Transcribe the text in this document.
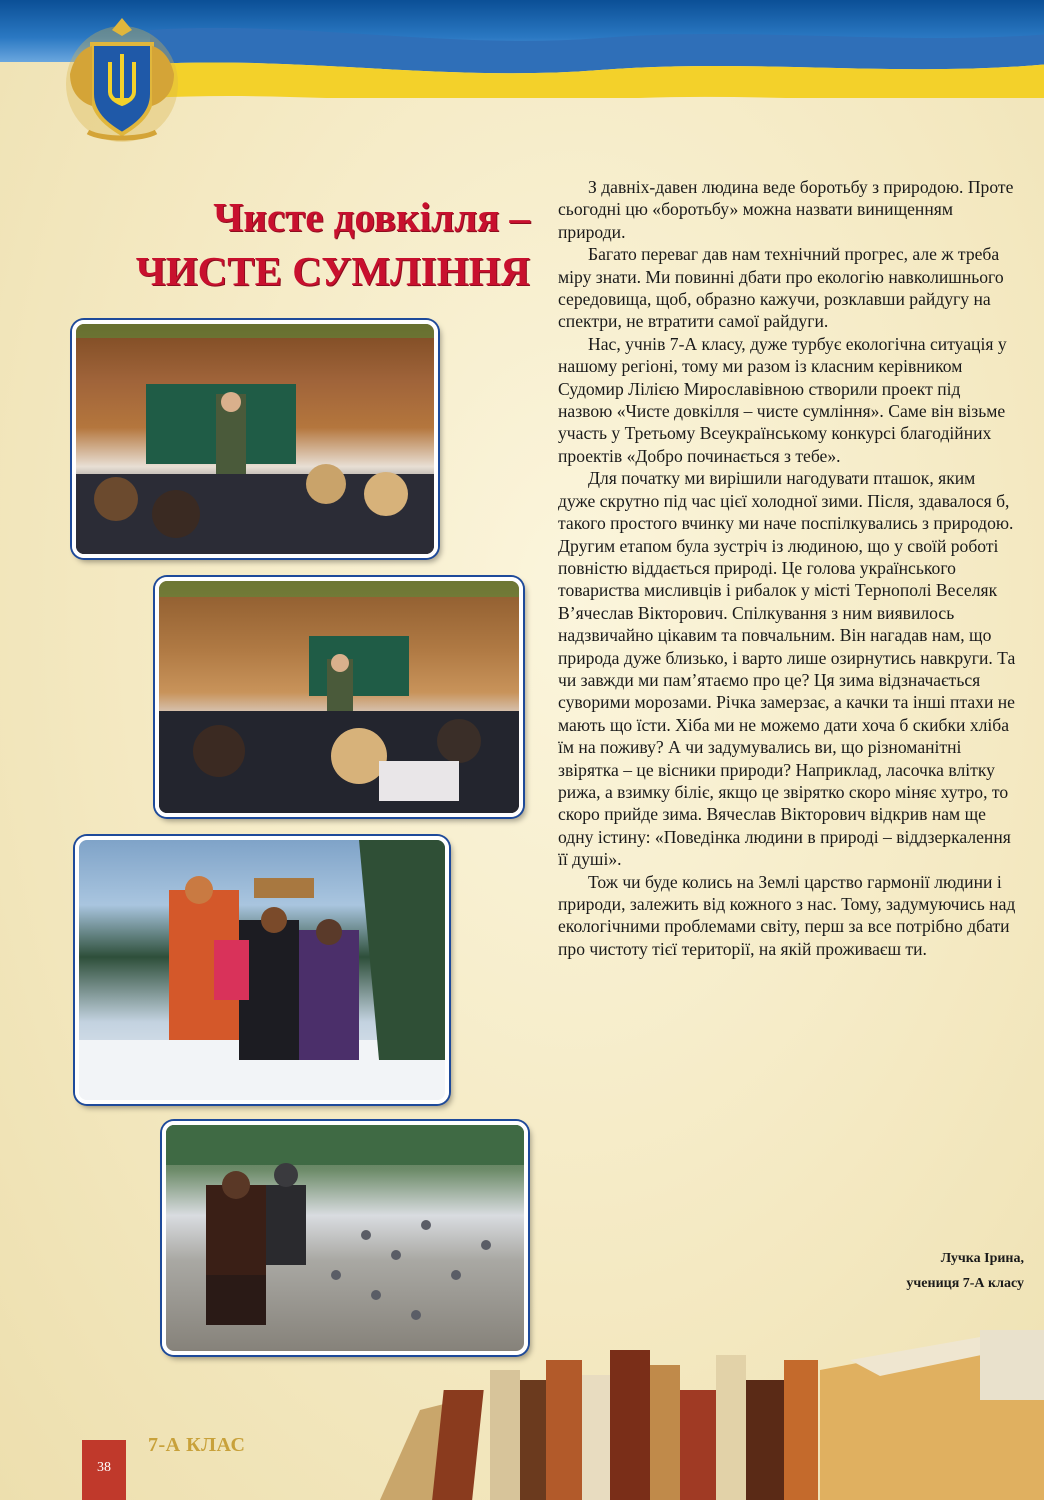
Чисте довкілля –
ЧИСТЕ СУМЛІННЯ

З давніх-давен людина веде боротьбу з природою. Проте сьогодні цю «боротьбу» можна назвати винищенням природи.

Багато переваг дав нам технічний прогрес, але ж треба міру знати. Ми повинні дбати про екологію навколишнього середовища, щоб, образно кажучи, розклавши райдугу на спектри, не втратити самої райдуги.

Нас, учнів 7-А класу, дуже турбує екологічна ситуація у нашому регіоні, тому ми разом із класним керівником Судомир Лілією Мирославівною створили проект під назвою «Чисте довкілля – чисте сумління». Саме він візьме участь у Третьому Всеукраїнському конкурсі благодійних проектів «Добро починається з тебе».

Для початку ми вирішили нагодувати пташок, яким дуже скрутно під час цієї холодної зими. Після, здавалося б, такого простого вчинку ми наче поспілкувались з природою. Другим етапом була зустріч із людиною, що у своїй роботі повністю віддається природі. Це голова українського товариства мисливців і рибалок у місті Тернополі Веселяк В’ячеслав Вікторович. Спілкування з ним виявилось надзвичайно цікавим та повчальним. Він нагадав нам, що природа дуже близько, і варто лише озирнутись навкруги. Та чи завжди ми пам’ятаємо про це? Ця зима відзначається суворими морозами. Річка замерзає, а качки та інші птахи не мають що їсти. Хіба ми не можемо дати хоча б скибки хліба їм на поживу? А чи задумувались ви, що різноманітні звірятка – це вісники природи? Наприклад, ласочка влітку рижа, а взимку біліє, якщо це звірятко скоро міняє хутро, то скоро прийде зима. Вячеслав Вікторович відкрив нам ще одну істину: «Поведінка людини в природі – віддзеркалення її душі».

Тож чи буде колись на Землі царство гармонії людини і природи, залежить від кожного з нас. Тому, задумуючись над екологічними проблемами світу, перш за все потрібно дбати про чистоту тієї території, на якій проживаєш ти.

Лучка Ірина,
учениця 7-А класу
38
7-А КЛАС
